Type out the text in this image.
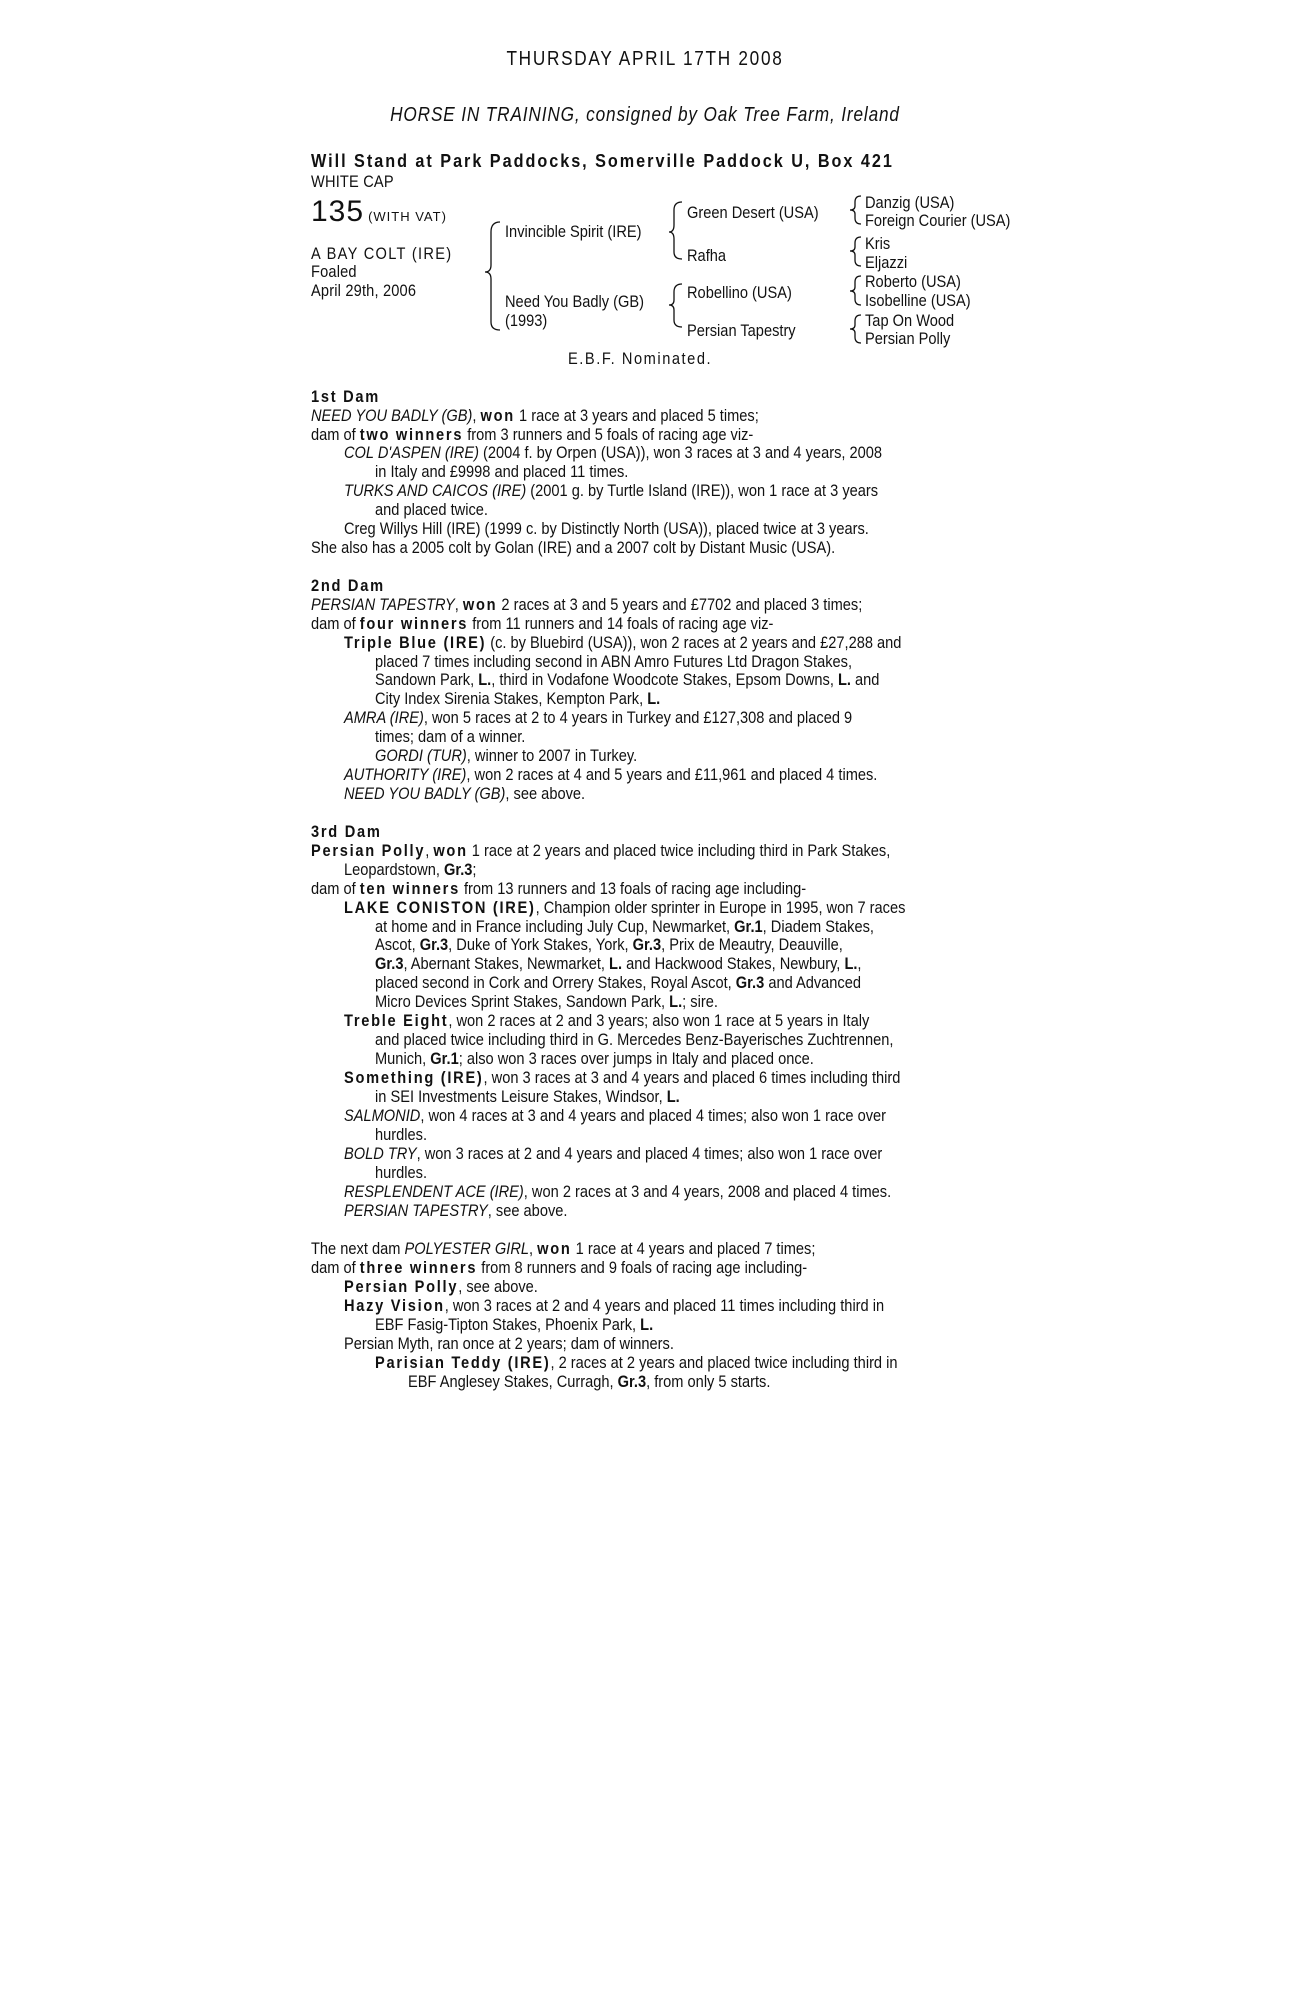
THURSDAY APRIL 17TH 2008
HORSE IN TRAINING, consigned by Oak Tree Farm, Ireland
Will Stand at Park Paddocks, Somerville Paddock U, Box 421
WHITE CAP
135 (WITH VAT)
A BAY COLT (IRE)
Foaled
April 29th, 2006
Invincible Spirit (IRE)
Need You Badly (GB)
(1993)
Green Desert (USA)
Rafha
Robellino (USA)
Persian Tapestry
Danzig (USA)
Foreign Courier (USA)
Kris
Eljazzi
Roberto (USA)
Isobelline (USA)
Tap On Wood
Persian Polly
E.B.F. Nominated.
1st Dam
NEED YOU BADLY (GB), won 1 race at 3 years and placed 5 times;
dam of two winners from 3 runners and 5 foals of racing age viz-
COL D'ASPEN (IRE) (2004 f. by Orpen (USA)), won 3 races at 3 and 4 years, 2008
in Italy and £9998 and placed 11 times.
TURKS AND CAICOS (IRE) (2001 g. by Turtle Island (IRE)), won 1 race at 3 years
and placed twice.
Creg Willys Hill (IRE) (1999 c. by Distinctly North (USA)), placed twice at 3 years.
She also has a 2005 colt by Golan (IRE) and a 2007 colt by Distant Music (USA).
2nd Dam
PERSIAN TAPESTRY, won 2 races at 3 and 5 years and £7702 and placed 3 times;
dam of four winners from 11 runners and 14 foals of racing age viz-
Triple Blue (IRE) (c. by Bluebird (USA)), won 2 races at 2 years and £27,288 and
placed 7 times including second in ABN Amro Futures Ltd Dragon Stakes,
Sandown Park, L., third in Vodafone Woodcote Stakes, Epsom Downs, L. and
City Index Sirenia Stakes, Kempton Park, L.
AMRA (IRE), won 5 races at 2 to 4 years in Turkey and £127,308 and placed 9
times; dam of a winner.
GORDI (TUR), winner to 2007 in Turkey.
AUTHORITY (IRE), won 2 races at 4 and 5 years and £11,961 and placed 4 times.
NEED YOU BADLY (GB), see above.
3rd Dam
Persian Polly, won 1 race at 2 years and placed twice including third in Park Stakes,
Leopardstown, Gr.3;
dam of ten winners from 13 runners and 13 foals of racing age including-
LAKE CONISTON (IRE), Champion older sprinter in Europe in 1995, won 7 races
at home and in France including July Cup, Newmarket, Gr.1, Diadem Stakes,
Ascot, Gr.3, Duke of York Stakes, York, Gr.3, Prix de Meautry, Deauville,
Gr.3, Abernant Stakes, Newmarket, L. and Hackwood Stakes, Newbury, L.,
placed second in Cork and Orrery Stakes, Royal Ascot, Gr.3 and Advanced
Micro Devices Sprint Stakes, Sandown Park, L.; sire.
Treble Eight, won 2 races at 2 and 3 years; also won 1 race at 5 years in Italy
and placed twice including third in G. Mercedes Benz-Bayerisches Zuchtrennen,
Munich, Gr.1; also won 3 races over jumps in Italy and placed once.
Something (IRE), won 3 races at 3 and 4 years and placed 6 times including third
in SEI Investments Leisure Stakes, Windsor, L.
SALMONID, won 4 races at 3 and 4 years and placed 4 times; also won 1 race over
hurdles.
BOLD TRY, won 3 races at 2 and 4 years and placed 4 times; also won 1 race over
hurdles.
RESPLENDENT ACE (IRE), won 2 races at 3 and 4 years, 2008 and placed 4 times.
PERSIAN TAPESTRY, see above.
The next dam POLYESTER GIRL, won 1 race at 4 years and placed 7 times;
dam of three winners from 8 runners and 9 foals of racing age including-
Persian Polly, see above.
Hazy Vision, won 3 races at 2 and 4 years and placed 11 times including third in
EBF Fasig-Tipton Stakes, Phoenix Park, L.
Persian Myth, ran once at 2 years; dam of winners.
Parisian Teddy (IRE), 2 races at 2 years and placed twice including third in
EBF Anglesey Stakes, Curragh, Gr.3, from only 5 starts.
